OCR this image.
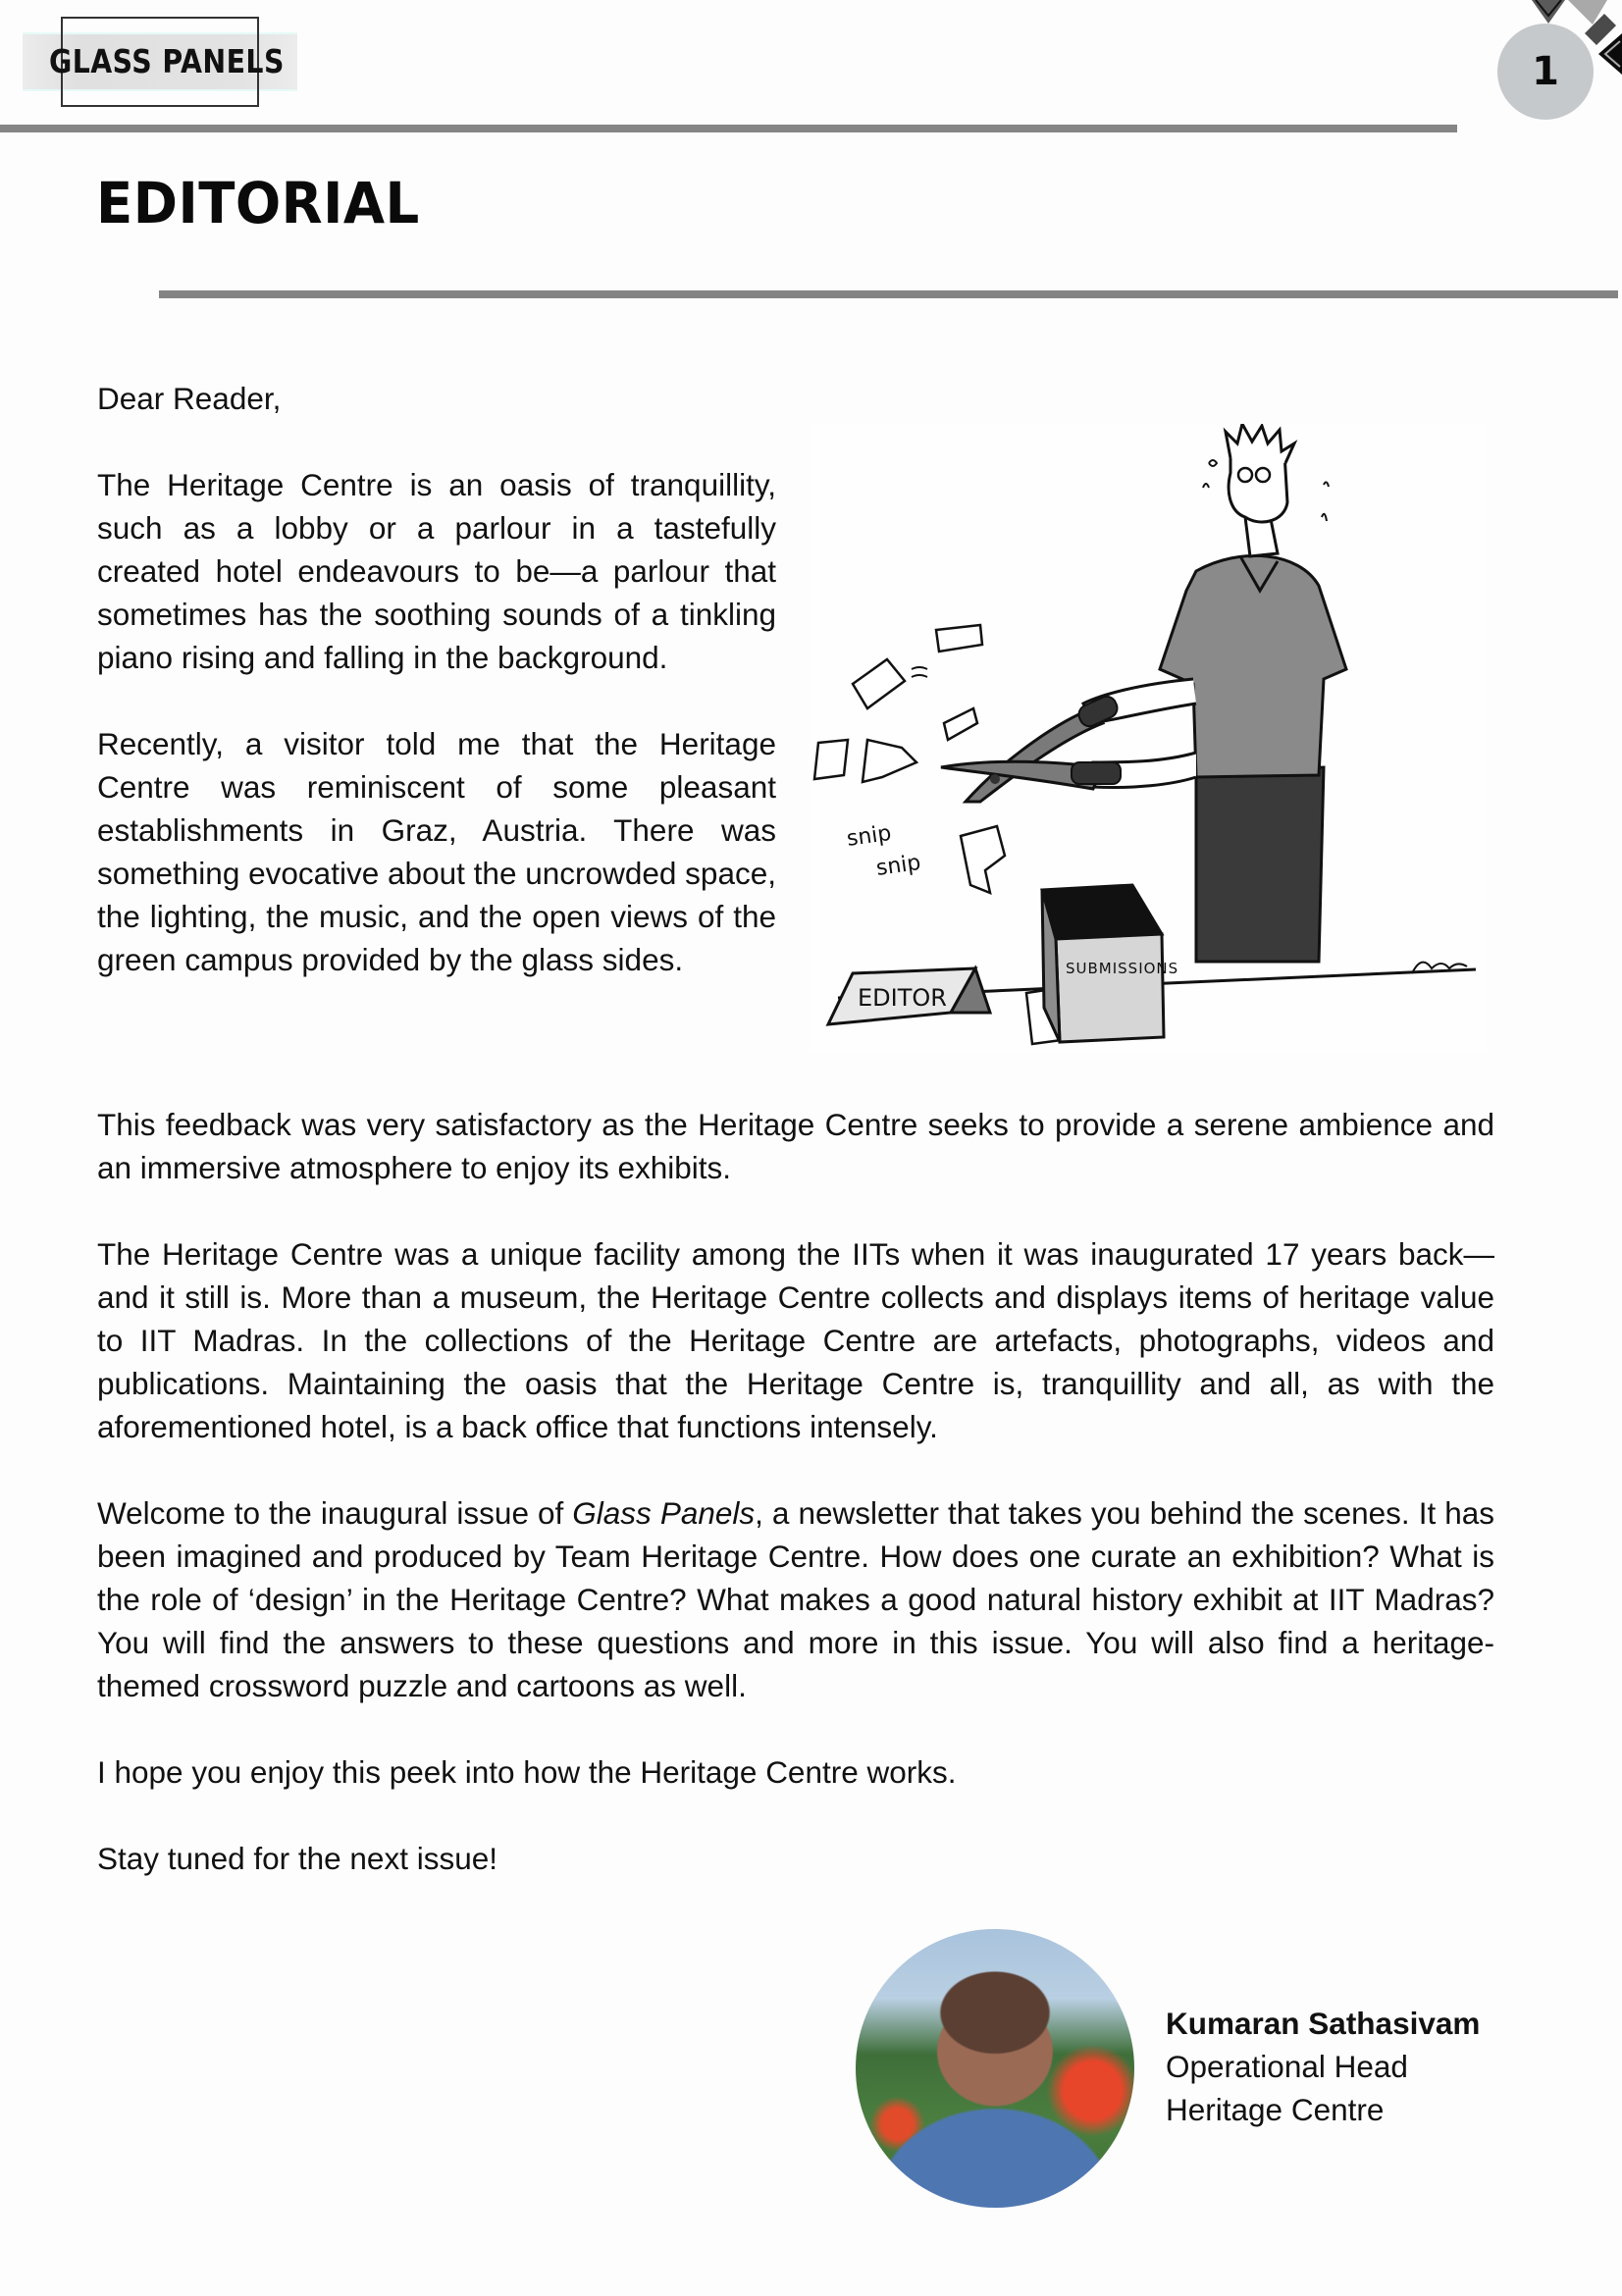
GLASS PANELS	1
EDITORIAL

Dear Reader,

The Heritage Centre is an oasis of tranquillity, such as a lobby or a parlour in a tastefully created hotel endeavours to be—a parlour that sometimes has the soothing sounds of a tinkling piano rising and falling in the background.

Recently, a visitor told me that the Heritage Centre was reminiscent of some pleasant establishments in Graz, Austria. There was something evocative about the uncrowded space, the lighting, the music, and the open views of the green campus provided by the glass sides.

snip
snip
SUBMISSIONS
EDITOR

This feedback was very satisfactory as the Heritage Centre seeks to provide a serene ambience and an immersive atmosphere to enjoy its exhibits.

The Heritage Centre was a unique facility among the IITs when it was inaugurated 17 years back—and it still is. More than a museum, the Heritage Centre collects and displays items of heritage value to IIT Madras. In the collections of the Heritage Centre are artefacts, photographs, videos and publications. Maintaining the oasis that the Heritage Centre is, tranquillity and all, as with the aforementioned hotel, is a back office that functions intensely.

Welcome to the inaugural issue of Glass Panels, a newsletter that takes you behind the scenes. It has been imagined and produced by Team Heritage Centre. How does one curate an exhibition? What is the role of ‘design’ in the Heritage Centre? What makes a good natural history exhibit at IIT Madras? You will find the answers to these questions and more in this issue. You will also find a heritage-themed crossword puzzle and cartoons as well.

I hope you enjoy this peek into how the Heritage Centre works.

Stay tuned for the next issue!

Kumaran Sathasivam
Operational Head
Heritage Centre
